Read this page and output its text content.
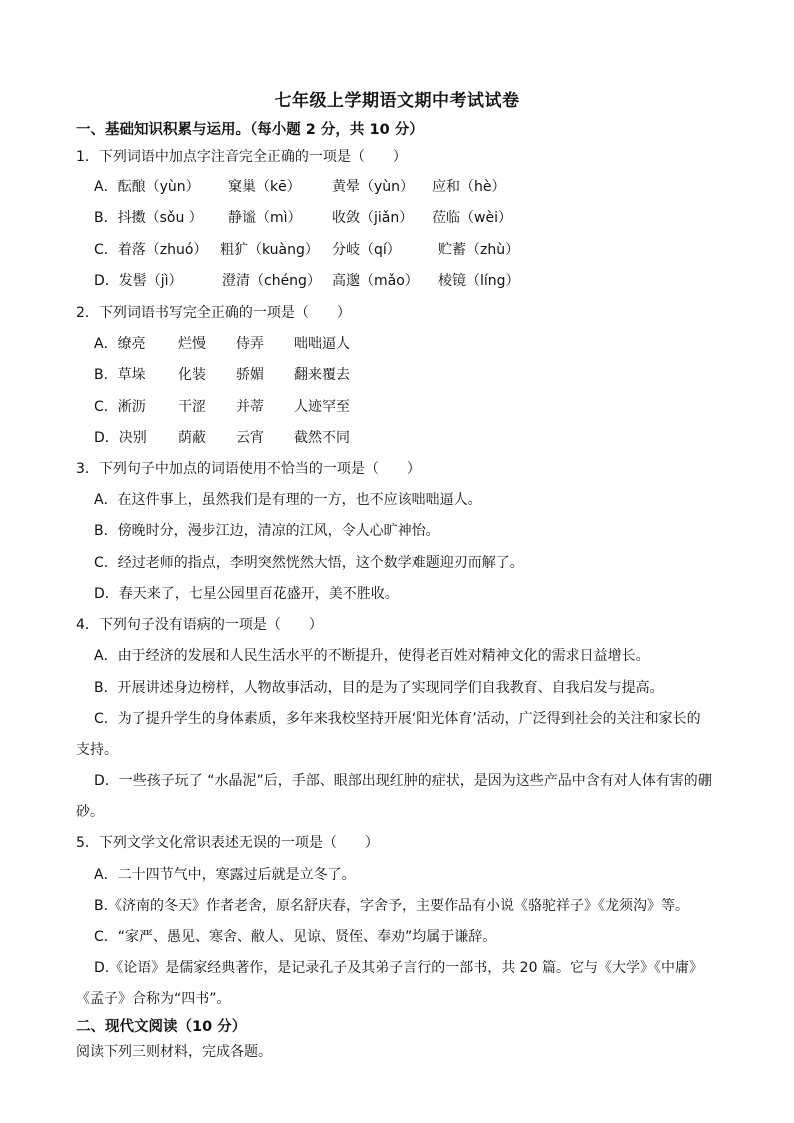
七年级上学期语文期中考试试卷
一、基础知识积累与运用。（每小题 2 分，共 10 分）
1．下列词语中加点字注音完全正确的一项是（　　）
A．酝酿（yùn） 窠巢（kē） 黄晕（yùn） 应和（hè）
B．抖擞（sǒu ） 静谧（mì） 收敛（jiǎn） 莅临（wèi）
C．着落（zhuó） 粗犷（kuàng） 分岐（qí）	贮蓄（zhù）
D．发髻（jì）	澄清（chéng） 高邈（mǎo） 棱镜（líng）
2．下列词语书写完全正确的一项是（　　）
A．缭亮 烂慢 侍弄 咄咄逼人
B．草垛 化装 骄媚 翻来覆去
C．淅沥 干涩 并蒂 人迹罕至
D．决别 荫蔽 云宵 截然不同
3．下列句子中加点的词语使用不恰当的一项是（　　）
A．在这件事上，虽然我们是有理的一方，也不应该咄咄逼人。
B．傍晚时分，漫步江边，清凉的江风，令人心旷神怡。
C．经过老师的指点，李明突然恍然大悟，这个数学难题迎刃而解了。
D．春天来了，七星公园里百花盛开，美不胜收。
4．下列句子没有语病的一项是（　　）
A．由于经济的发展和人民生活水平的不断提升，使得老百姓对精神文化的需求日益增长。
B．开展讲述身边榜样，人物故事活动，目的是为了实现同学们自我教育、自我启发与提高。
C．为了提升学生的身体素质，多年来我校坚持开展‘阳光体育’活动，广泛得到社会的关注和家长的
支持。
D．一些孩子玩了 “水晶泥”后，手部、眼部出现红肿的症状，是因为这些产品中含有对人体有害的硼
砂。
5．下列文学文化常识表述无误的一项是（　　）
A．二十四节气中，寒露过后就是立冬了。
B.《济南的冬天》作者老舍，原名舒庆春，字舍予，主要作品有小说《骆驼祥子》《龙须沟》等。
C．“家严、愚见、寒舍、敝人、见谅、贤侄、奉劝”均属于谦辞。
D.《论语》是儒家经典著作，是记录孔子及其弟子言行的一部书，共 20 篇。它与《大学》《中庸》
《孟子》合称为“四书”。
二、现代文阅读（10 分）
阅读下列三则材料，完成各题。
